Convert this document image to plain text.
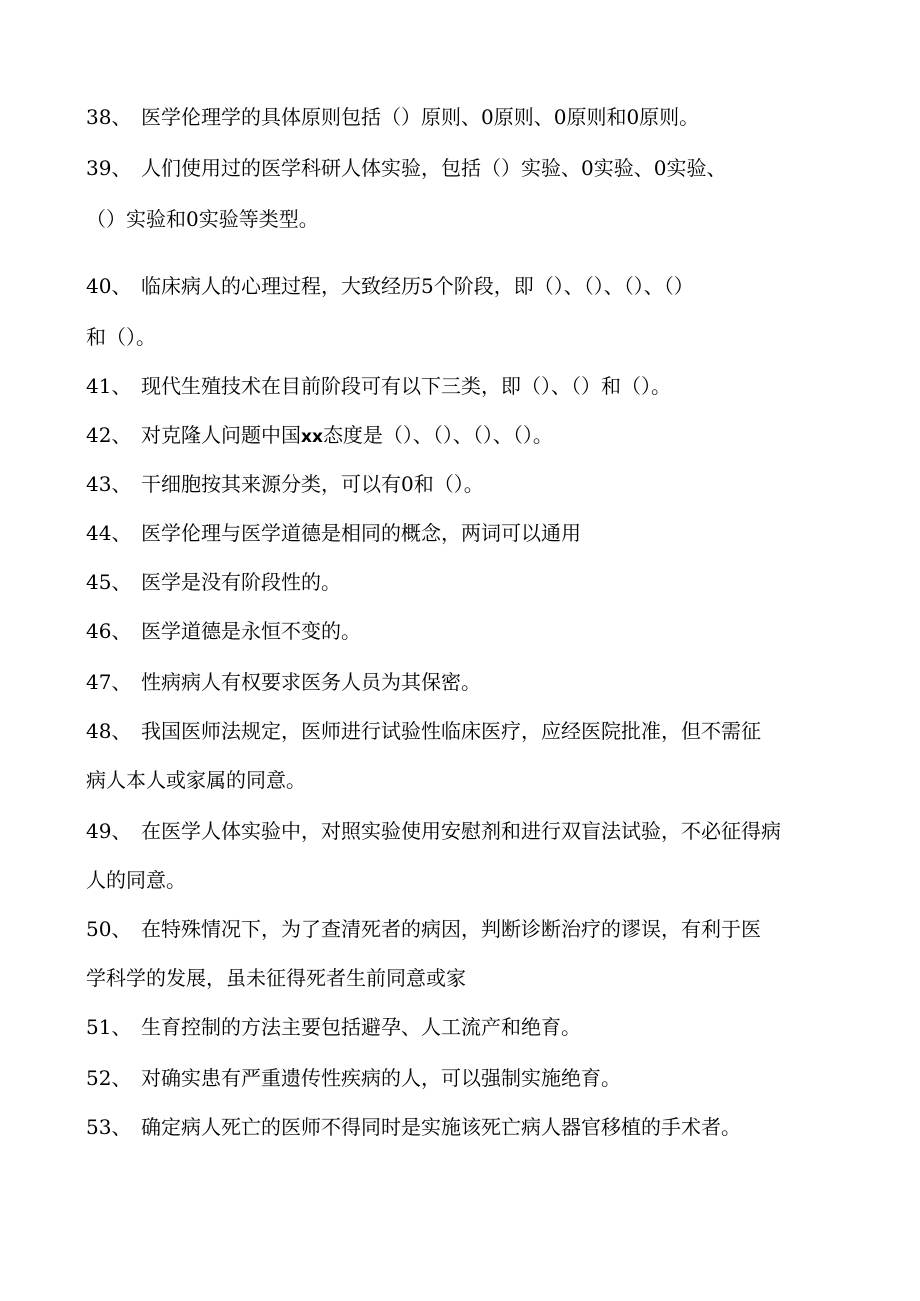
38、 医学伦理学的具体原则包括（）原则、0原则、0原则和0原则。
39、 人们使用过的医学科研人体实验，包括（）实验、0实验、0实验、
（）实验和0实验等类型。
40、 临床病人的心理过程，大致经历5个阶段，即（）、（）、（）、（）
和（）。
41、 现代生殖技术在目前阶段可有以下三类，即（）、（）和（）。
42、 对克隆人问题中国xx态度是（）、（）、（）、（）。
43、 干细胞按其来源分类，可以有0和（）。
44、 医学伦理与医学道德是相同的概念，两词可以通用
45、 医学是没有阶段性的。
46、 医学道德是永恒不变的。
47、 性病病人有权要求医务人员为其保密。
48、 我国医师法规定，医师进行试验性临床医疗，应经医院批准，但不需征
病人本人或家属的同意。
49、 在医学人体实验中，对照实验使用安慰剂和进行双盲法试验，不必征得病
人的同意。
50、 在特殊情况下，为了查清死者的病因，判断诊断治疗的谬误，有利于医
学科学的发展，虽未征得死者生前同意或家
51、 生育控制的方法主要包括避孕、人工流产和绝育。
52、 对确实患有严重遗传性疾病的人，可以强制实施绝育。
53、 确定病人死亡的医师不得同时是实施该死亡病人器官移植的手术者。
